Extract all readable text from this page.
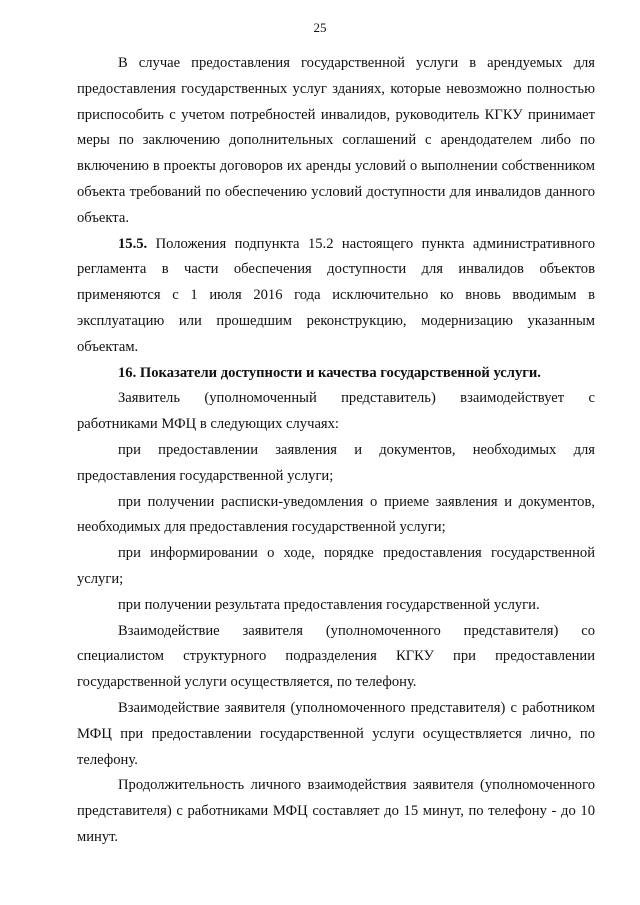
25

В случае предоставления государственной услуги в арендуемых для предоставления государственных услуг зданиях, которые невозможно полностью приспособить с учетом потребностей инвалидов, руководитель КГКУ принимает меры по заключению дополнительных соглашений с арендодателем либо по включению в проекты договоров их аренды условий о выполнении собственником объекта требований по обеспечению условий доступности для инвалидов данного объекта.

15.5. Положения подпункта 15.2 настоящего пункта административного регламента в части обеспечения доступности для инвалидов объектов применяются с 1 июля 2016 года исключительно ко вновь вводимым в эксплуатацию или прошедшим реконструкцию, модернизацию указанным объектам.

16. Показатели доступности и качества государственной услуги.

Заявитель (уполномоченный представитель) взаимодействует с работниками МФЦ в следующих случаях:

при предоставлении заявления и документов, необходимых для предоставления государственной услуги;

при получении расписки-уведомления о приеме заявления и документов, необходимых для предоставления государственной услуги;

при информировании о ходе, порядке предоставления государственной услуги;

при получении результата предоставления государственной услуги.

Взаимодействие заявителя (уполномоченного представителя) со специалистом структурного подразделения КГКУ при предоставлении государственной услуги осуществляется, по телефону.

Взаимодействие заявителя (уполномоченного представителя) с работником МФЦ при предоставлении государственной услуги осуществляется лично, по телефону.

Продолжительность личного взаимодействия заявителя (уполномоченного представителя) с работниками МФЦ составляет до 15 минут, по телефону - до 10 минут.
